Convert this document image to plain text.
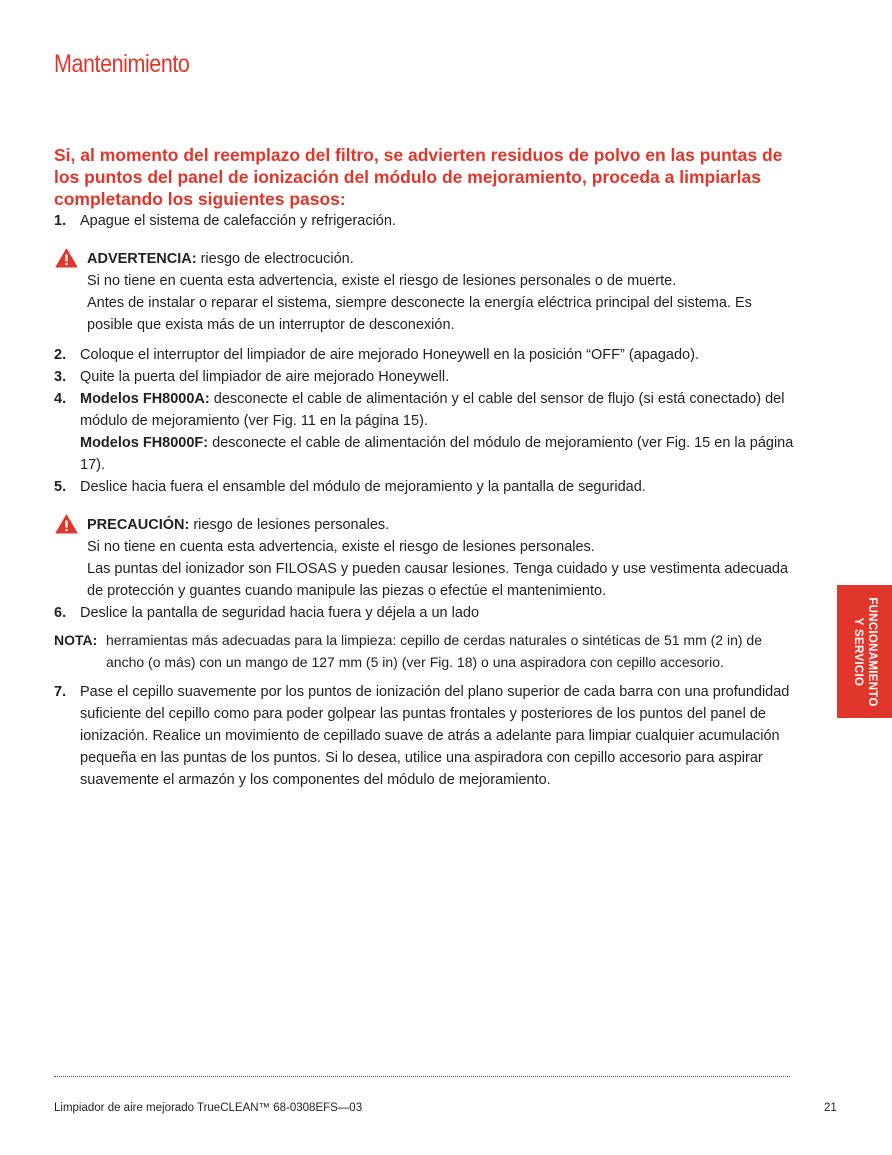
Mantenimiento
Si, al momento del reemplazo del filtro, se advierten residuos de polvo en las puntas de los puntos del panel de ionización del módulo de mejoramiento, proceda a limpiarlas completando los siguientes pasos:
1. Apague el sistema de calefacción y refrigeración.
ADVERTENCIA: riesgo de electrocución.
Si no tiene en cuenta esta advertencia, existe el riesgo de lesiones personales o de muerte.
Antes de instalar o reparar el sistema, siempre desconecte la energía eléctrica principal del sistema. Es posible que exista más de un interruptor de desconexión.
2. Coloque el interruptor del limpiador de aire mejorado Honeywell en la posición “OFF” (apagado).
3. Quite la puerta del limpiador de aire mejorado Honeywell.
4. Modelos FH8000A: desconecte el cable de alimentación y el cable del sensor de flujo (si está conectado) del módulo de mejoramiento (ver Fig. 11 en la página 15).
Modelos FH8000F: desconecte el cable de alimentación del módulo de mejoramiento (ver Fig. 15 en la página 17).
5. Deslice hacia fuera el ensamble del módulo de mejoramiento y la pantalla de seguridad.
PRECAUCIÓN: riesgo de lesiones personales.
Si no tiene en cuenta esta advertencia, existe el riesgo de lesiones personales.
Las puntas del ionizador son FILOSAS y pueden causar lesiones. Tenga cuidado y use vestimenta adecuada de protección y guantes cuando manipule las piezas o efectúe el mantenimiento.
6. Deslice la pantalla de seguridad hacia fuera y déjela a un lado
NOTA: herramientas más adecuadas para la limpieza: cepillo de cerdas naturales o sintéticas de 51 mm (2 in) de ancho (o más) con un mango de 127 mm (5 in) (ver Fig. 18) o una aspiradora con cepillo accesorio.
7. Pase el cepillo suavemente por los puntos de ionización del plano superior de cada barra con una profundidad suficiente del cepillo como para poder golpear las puntas frontales y posteriores de los puntos del panel de ionización. Realice un movimiento de cepillado suave de atrás a adelante para limpiar cualquier acumulación pequeña en las puntas de los puntos. Si lo desea, utilice una aspiradora con cepillo accesorio para aspirar suavemente el armazón y los componentes del módulo de mejoramiento.
FUNCIONAMIENTO
Y SERVICIO
Limpiador de aire mejorado TrueCLEAN™ 68-0308EFS—03	21
